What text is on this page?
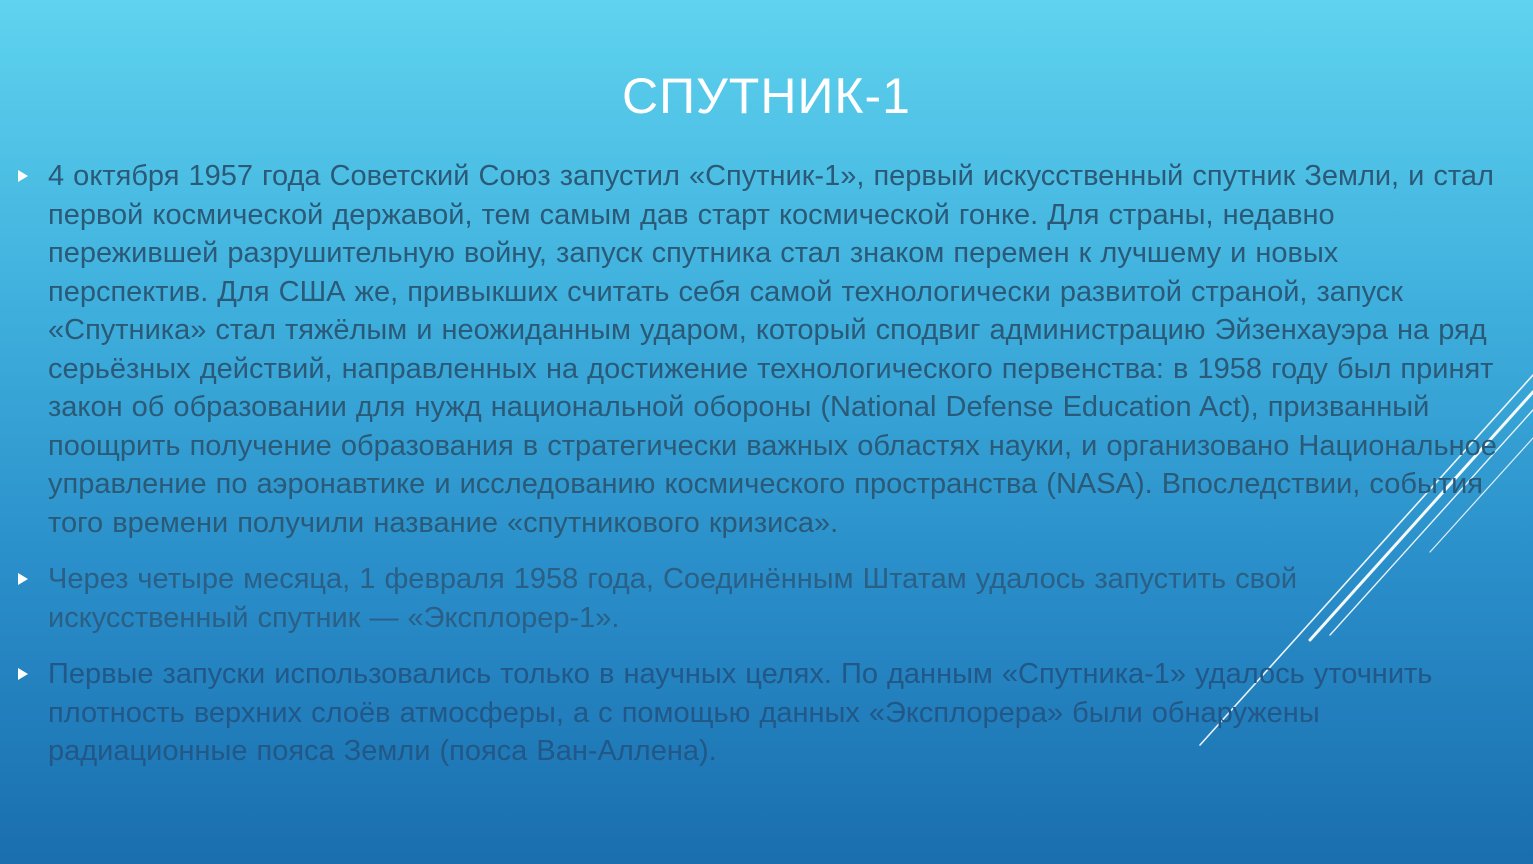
СПУТНИК-1
4 октября 1957 года Советский Союз запустил «Спутник-1», первый искусственный спутник Земли, и стал первой космической державой, тем самым дав старт космической гонке. Для страны, недавно пережившей разрушительную войну, запуск спутника стал знаком перемен к лучшему и новых перспектив. Для США же, привыкших считать себя самой технологически развитой страной, запуск «Спутника» стал тяжёлым и неожиданным ударом, который сподвиг администрацию Эйзенхауэра на ряд серьёзных действий, направленных на достижение технологического первенства: в 1958 году был принят закон об образовании для нужд национальной обороны (National Defense Education Act), призванный поощрить получение образования в стратегически важных областях науки, и организовано Национальное управление по аэронавтике и исследованию космического пространства (NASA). Впоследствии, события того времени получили название «спутникового кризиса».
Через четыре месяца, 1 февраля 1958 года, Соединённым Штатам удалось запустить свой искусственный спутник — «Эксплорер-1».
Первые запуски использовались только в научных целях. По данным «Спутника-1» удалось уточнить плотность верхних слоёв атмосферы, а с помощью данных «Эксплорера» были обнаружены радиационные пояса Земли (пояса Ван-Аллена).
